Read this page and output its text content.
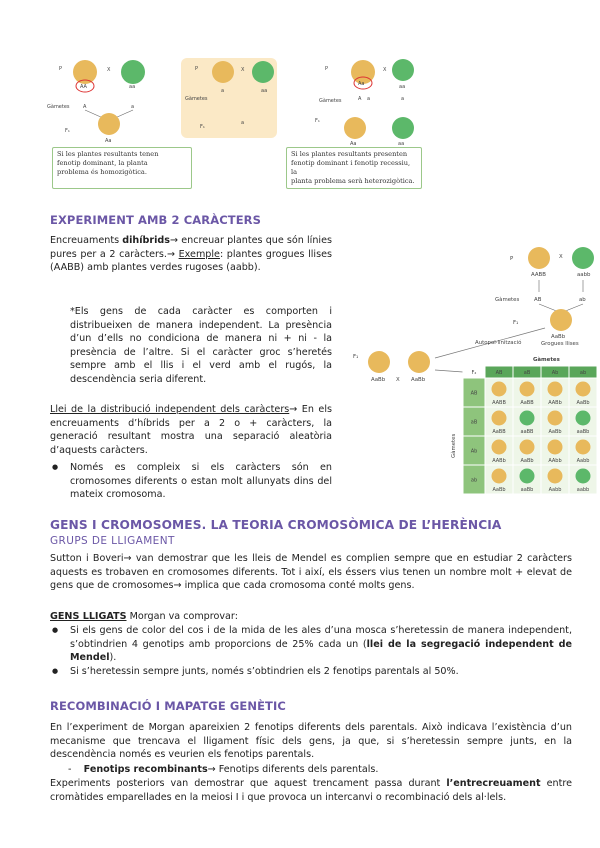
P	X
AA	aa
Gàmetes	A	a
F₁
Aa
P	X
Gàmetes
a	aa
F₁
a
P	X
Aa	aa
Gàmetes	A a	a
F₁
Aa	aa
Si les plantes resultants tenen
fenotip dominant, la planta
problema és homozigòtica.
Si les plantes resultants presenten
fenotip dominant i fenotip recessiu, la
planta problema serà heterozigòtica.
EXPERIMENT AMB 2 CARÀCTERS
Encreuaments dihíbrids→ encreuar plantes que són línies pures per a 2 caràcters.→ Exemple: plantes grogues llises (AABB) amb plantes verdes rugoses (aabb).
*Els gens de cada caràcter es comporten i distribueixen de manera independent. La presència d’un d’ells no condiciona de manera ni + ni - la presència de l’altre. Si el caràcter groc s’heretés sempre amb el llis i el verd amb el rugós, la descendència seria diferent.
Llei de la distribució independent dels caràcters→ En els encreuaments d’híbrids per a 2 o + caràcters, la generació resultant mostra una separació aleatòria d’aquests caràcters.
● Només es compleix si els caràcters són en cromosomes diferents o estan molt allunyats dins del mateix cromosoma.
P	X
AABB	aabb
Gàmetes	AB	ab
F₁
AaBb
Grogues llises
Autopol·linització
F₁
AaBb X AaBb
Gàmetes
Gàmetes
F₂	AB	aB	Ab	ab
AB
AABB	AaBB	AABb	AaBb
aB
AaBB	aaBB	AaBb	aaBb
Ab
AABb	AaBb	AAbb	Aabb
ab
AaBb	aaBb	Aabb	aabb
GENS I CROMOSOMES. LA TEORIA CROMOSÒMICA DE L’HERÈNCIA
GRUPS DE LLIGAMENT
Sutton i Boveri→ van demostrar que les lleis de Mendel es complien sempre que en estudiar 2 caràcters aquests es trobaven en cromosomes diferents. Tot i així, els éssers vius tenen un nombre molt + elevat de gens que de cromosomes→ implica que cada cromosoma conté molts gens.
GENS LLIGATS Morgan va comprovar:
● Si els gens de color del cos i de la mida de les ales d’una mosca s’heretessin de manera independent, s’obtindrien 4 genotips amb proporcions de 25% cada un (llei de la segregació independent de Mendel).
● Si s’heretessin sempre junts, només s’obtindrien els 2 fenotips parentals al 50%.
RECOMBINACIÓ I MAPATGE GENÈTIC
En l’experiment de Morgan apareixien 2 fenotips diferents dels parentals. Això indicava l’existència d’un mecanisme que trencava el lligament físic dels gens, ja que, si s’heretessin sempre junts, en la descendència només es veurien els fenotips parentals.
-    Fenotips recombinants→ Fenotips diferents dels parentals.
Experiments posteriors van demostrar que aquest trencament passa durant l’entrecreuament entre cromàtides emparellades en la meiosi I i que provoca un intercanvi o recombinació dels al·lels.
